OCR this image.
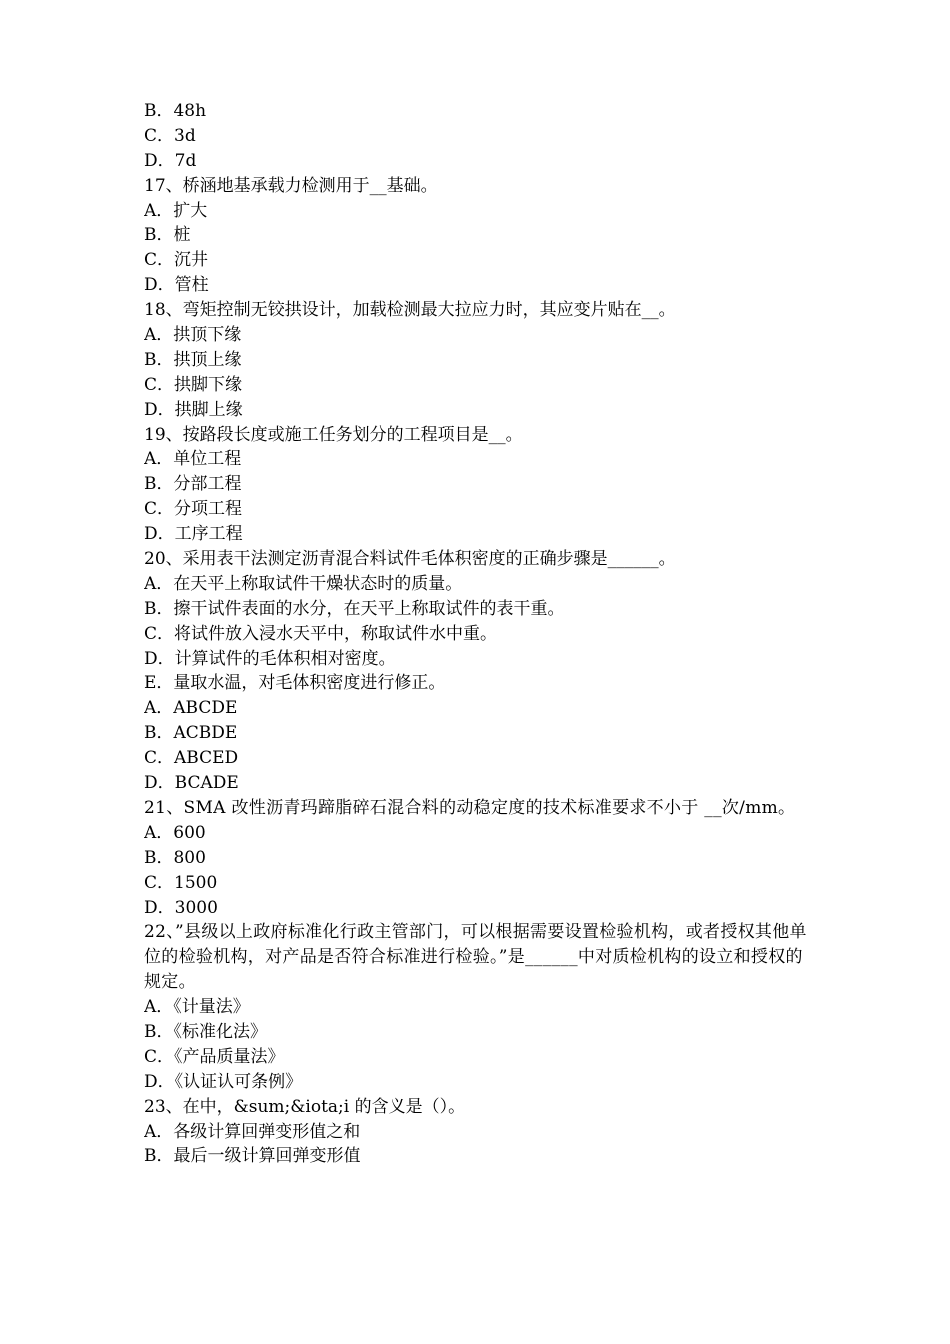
B．48h
C．3d
D．7d
17、桥涵地基承载力检测用于__基础。
A．扩大
B．桩
C．沉井
D．管柱
18、弯矩控制无铰拱设计，加载检测最大拉应力时，其应变片贴在__。
A．拱顶下缘
B．拱顶上缘
C．拱脚下缘
D．拱脚上缘
19、按路段长度或施工任务划分的工程项目是__。
A．单位工程
B．分部工程
C．分项工程
D．工序工程
20、采用表干法测定沥青混合料试件毛体积密度的正确步骤是______。
A．在天平上称取试件干燥状态时的质量。
B．擦干试件表面的水分，在天平上称取试件的表干重。
C．将试件放入浸水天平中，称取试件水中重。
D．计算试件的毛体积相对密度。
E．量取水温，对毛体积密度进行修正。
A．ABCDE
B．ACBDE
C．ABCED
D．BCADE
21、SMA 改性沥青玛蹄脂碎石混合料的动稳定度的技术标准要求不小于 __次/mm。
A．600
B．800
C．1500
D．3000
22、”县级以上政府标准化行政主管部门，可以根据需要设置检验机构，或者授权其他单位的检验机构，对产品是否符合标准进行检验。”是______中对质检机构的设立和授权的规定。
A．《计量法》
B．《标准化法》
C．《产品质量法》
D．《认证认可条例》
23、在中，&sum;&iota;i 的含义是（）。
A．各级计算回弹变形值之和
B．最后一级计算回弹变形值
